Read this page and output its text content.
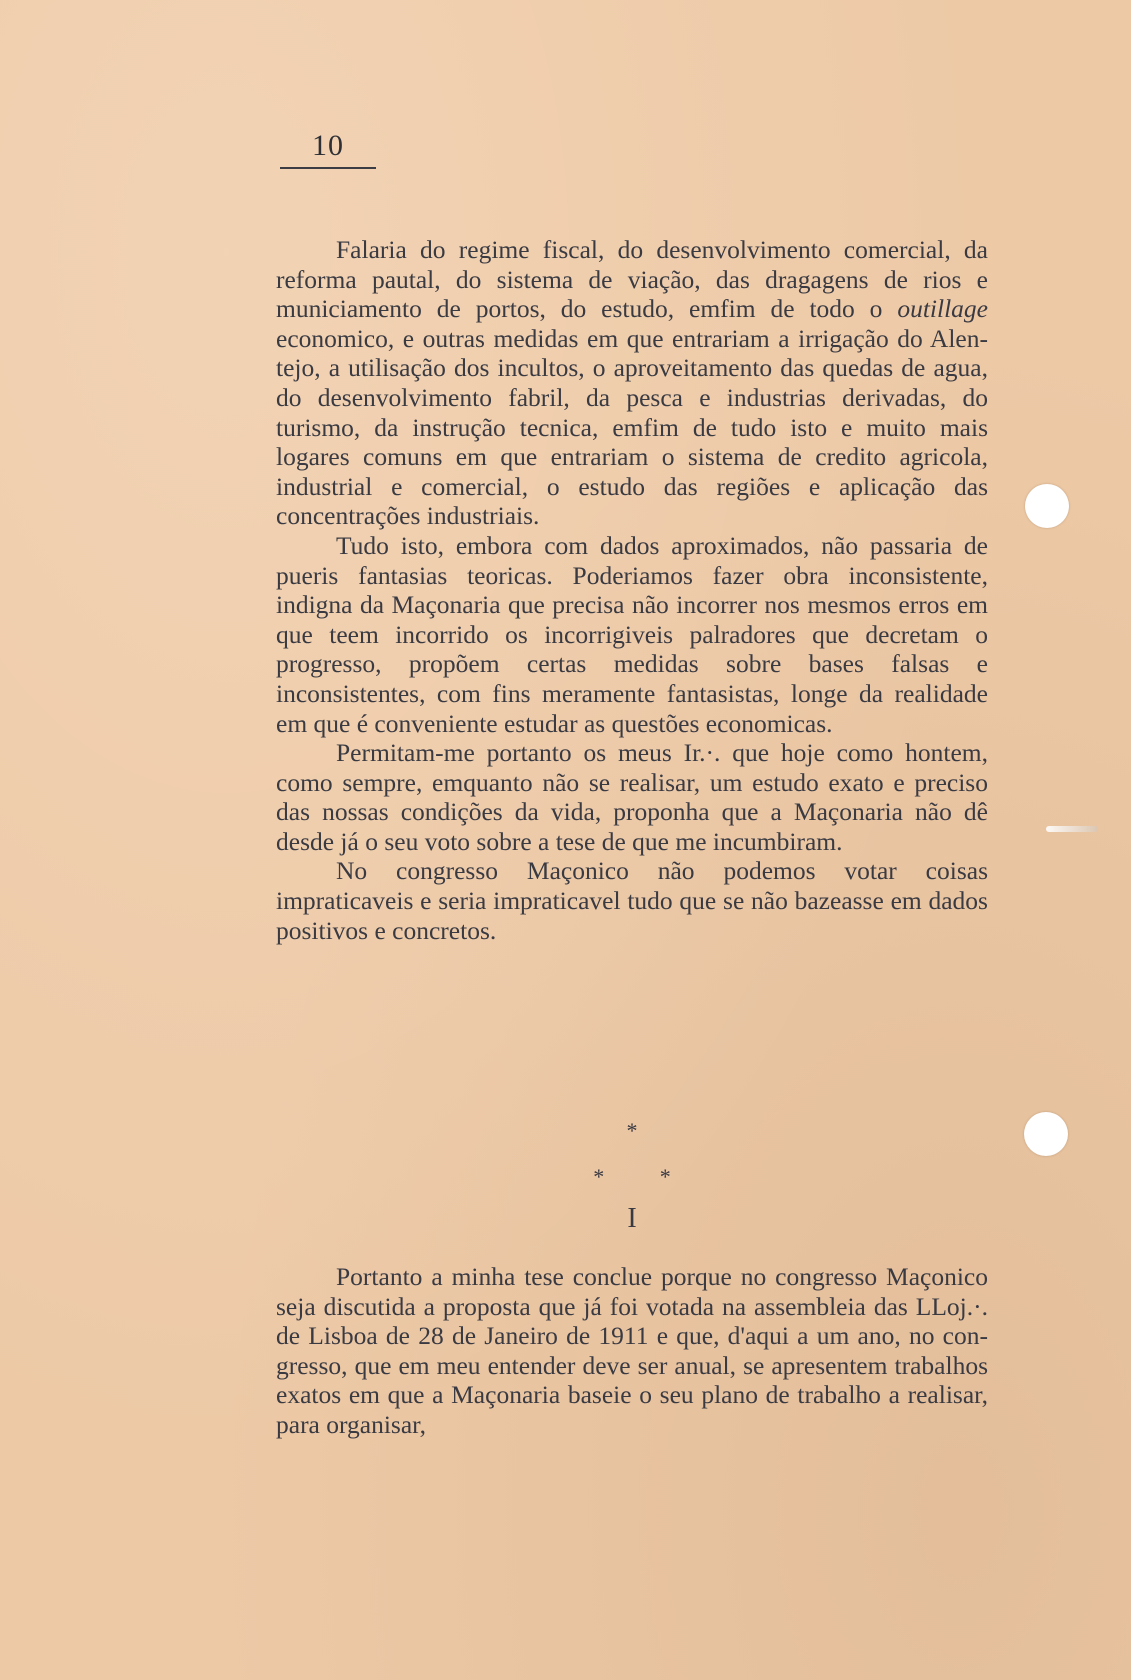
10

Falaria do regime fiscal, do desenvolvimento comercial, da reforma pautal, do sistema de viação, das dragagens de rios e municiamento de portos, do estudo, emfim de todo o outillage economico, e outras medidas em que entrariam a irrigação do Alentejo, a utilisação dos incultos, o aproveitamento das quedas de agua, do desenvolvimento fabril, da pesca e industrias derivadas, do turismo, da instrução tecnica, emfim de tudo isto e muito mais logares comuns em que entrariam o sistema de credito agricola, industrial e comercial, o estudo das regiões e aplicação das concentrações industriais.

Tudo isto, embora com dados aproximados, não passaria de pueris fantasias teoricas. Poderiamos fazer obra inconsistente, indigna da Maçonaria que precisa não incorrer nos mesmos erros em que teem incorrido os incorrigiveis palradores que decretam o progresso, propõem certas medidas sobre bases falsas e inconsistentes, com fins meramente fantasistas, longe da realidade em que é conveniente estudar as questões economicas.

Permitam-me portanto os meus Ir.·. que hoje como hontem, como sempre, emquanto não se realisar, um estudo exato e preciso das nossas condições da vida, proponha que a Maçonaria não dê desde já o seu voto sobre a tese de que me incumbiram.

No congresso Maçonico não podemos votar coisas impraticaveis e seria impraticavel tudo que se não bazeasse em dados positivos e concretos.

*
* *
I

Portanto a minha tese conclue porque no congresso Maçonico seja discutida a proposta que já foi votada na assembleia das LLoj.·. de Lisboa de 28 de Janeiro de 1911 e que, d'aqui a um ano, no congresso, que em meu entender deve ser anual, se apresentem trabalhos exatos em que a Maçonaria baseie o seu plano de trabalho a realisar, para organisar,
